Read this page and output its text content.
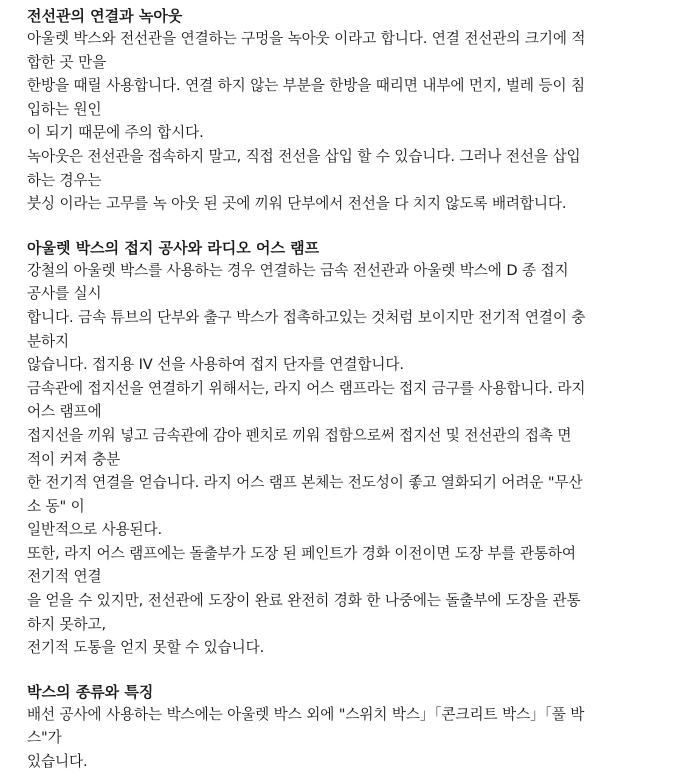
전선관의 연결과 녹아웃
아울렛 박스와 전선관을 연결하는 구멍을 녹아웃 이라고 합니다. 연결 전선관의 크기에 적
합한 곳 만을
한방을 때릴 사용합니다. 연결 하지 않는 부분을 한방을 때리면 내부에 먼지, 벌레 등이 침
입하는 원인
이 되기 때문에 주의 합시다.
녹아웃은 전선관을 접속하지 말고, 직접 전선을 삽입 할 수 있습니다. 그러나 전선을 삽입
하는 경우는
붓싱 이라는 고무를 녹 아웃 된 곳에 끼워 단부에서 전선을 다 치지 않도록 배려합니다.
아울렛 박스의 접지 공사와 라디오 어스 램프
강철의 아울렛 박스를 사용하는 경우 연결하는 금속 전선관과 아울렛 박스에 D 종 접지
공사를 실시
합니다. 금속 튜브의 단부와 출구 박스가 접촉하고있는 것처럼 보이지만 전기적 연결이 충
분하지
않습니다. 접지용 IV 선을 사용하여 접지 단자를 연결합니다.
금속관에 접지선을 연결하기 위해서는, 라지 어스 램프라는 접지 금구를 사용합니다. 라지
어스 램프에
접지선을 끼워 넣고 금속관에 감아 펜치로 끼워 접함으로써 접지선 및 전선관의 접촉 면
적이 커져 충분
한 전기적 연결을 얻습니다. 라지 어스 램프 본체는 전도성이 좋고 열화되기 어려운 "무산
소 동" 이
일반적으로 사용된다.
또한, 라지 어스 램프에는 돌출부가 도장 된 페인트가 경화 이전이면 도장 부를 관통하여
전기적 연결
을 얻을 수 있지만, 전선관에 도장이 완료 완전히 경화 한 나중에는 돌출부에 도장을 관통
하지 못하고,
전기적 도통을 얻지 못할 수 있습니다.
박스의 종류와 특징
배선 공사에 사용하는 박스에는 아울렛 박스 외에 "스위치 박스」「콘크리트 박스」「풀 박
스"가
있습니다.
